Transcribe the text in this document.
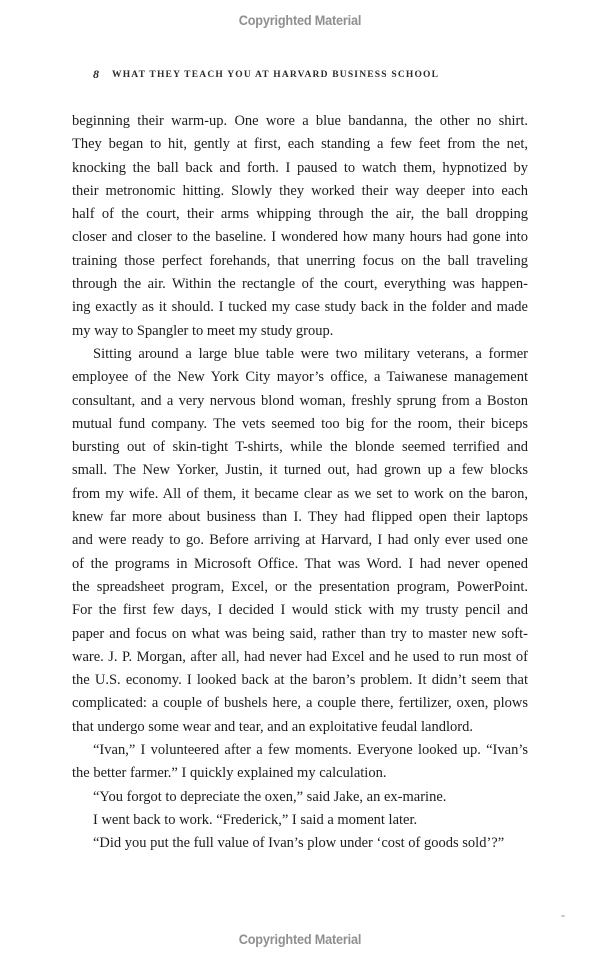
Copyrighted Material
8 WHAT THEY TEACH YOU AT HARVARD BUSINESS SCHOOL
beginning their warm-up. One wore a blue bandanna, the other no shirt.
They began to hit, gently at first, each standing a few feet from the net,
knocking the ball back and forth. I paused to watch them, hypnotized by
their metronomic hitting. Slowly they worked their way deeper into each
half of the court, their arms whipping through the air, the ball dropping
closer and closer to the baseline. I wondered how many hours had gone into
training those perfect forehands, that unerring focus on the ball traveling
through the air. Within the rectangle of the court, everything was happen-
ing exactly as it should. I tucked my case study back in the folder and made
my way to Spangler to meet my study group.
Sitting around a large blue table were two military veterans, a former
employee of the New York City mayor’s office, a Taiwanese management
consultant, and a very nervous blond woman, freshly sprung from a Boston
mutual fund company. The vets seemed too big for the room, their biceps
bursting out of skin-tight T-shirts, while the blonde seemed terrified and
small. The New Yorker, Justin, it turned out, had grown up a few blocks
from my wife. All of them, it became clear as we set to work on the baron,
knew far more about business than I. They had flipped open their laptops
and were ready to go. Before arriving at Harvard, I had only ever used one
of the programs in Microsoft Office. That was Word. I had never opened
the spreadsheet program, Excel, or the presentation program, PowerPoint.
For the first few days, I decided I would stick with my trusty pencil and
paper and focus on what was being said, rather than try to master new soft-
ware. J. P. Morgan, after all, had never had Excel and he used to run most of
the U.S. economy. I looked back at the baron’s problem. It didn’t seem that
complicated: a couple of bushels here, a couple there, fertilizer, oxen, plows
that undergo some wear and tear, and an exploitative feudal landlord.
“Ivan,” I volunteered after a few moments. Everyone looked up. “Ivan’s
the better farmer.” I quickly explained my calculation.
“You forgot to depreciate the oxen,” said Jake, an ex-marine.
I went back to work. “Frederick,” I said a moment later.
“Did you put the full value of Ivan’s plow under ‘cost of goods sold’?”
Copyrighted Material
